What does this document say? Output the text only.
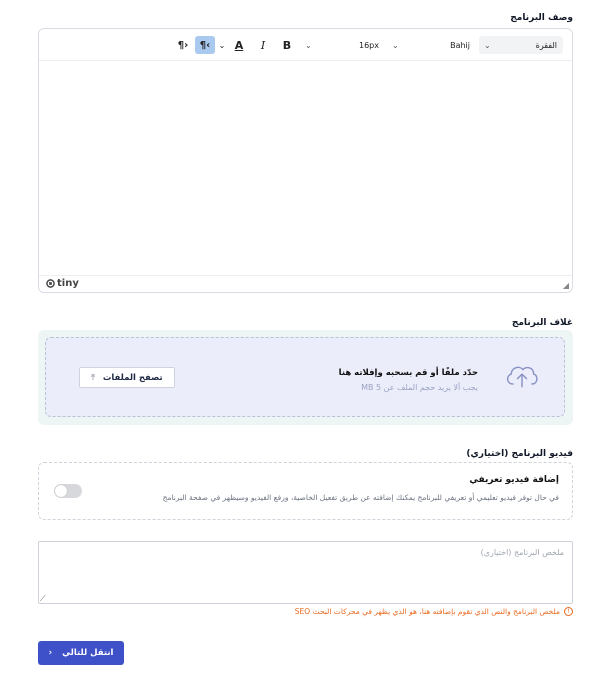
وصف البرنامج
الفقرة
⌄
Bahij
⌄
16px
⌄
B
I
A
⌄
¶‹
¶›
tiny	◢
غلاف البرنامج
حدّد ملفًا أو قم بسحبه وإفلاته هنا
يجب ألا يزيد حجم الملف عن MB 5
تصفح الملفات
⤒
فيديو البرنامج (اختياري)
إضافة فيديو تعريفي
في حال توفر فيديو تعليمي أو تعريفي للبرنامج يمكنك إضافته عن طريق تفعيل الخاصية، ورفع الفيديو وسيظهر في صفحة البرنامج
ملخص البرنامج (اختياري)
⟋
!
ملخص البرنامج والنص الذي تقوم بإضافته هنا، هو الذي يظهر في محركات البحث SEO
انتقل للتالي
‹
